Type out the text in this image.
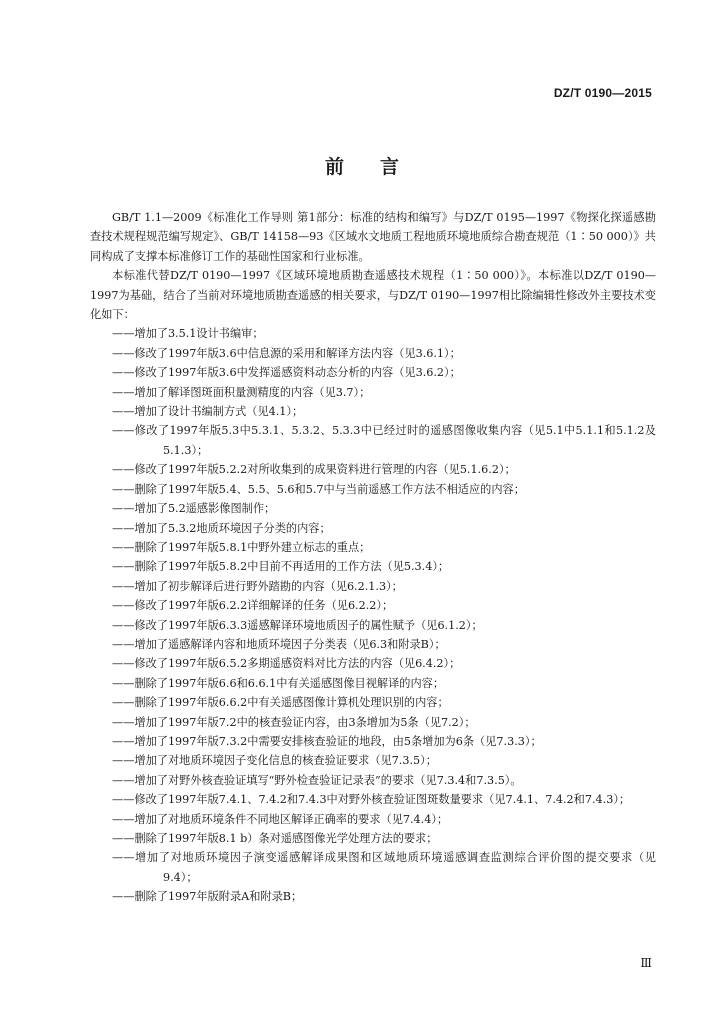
DZ/T 0190—2015
前言

GB/T 1.1—2009《标准化工作导则 第1部分：标准的结构和编写》与DZ/T 0195—1997《物探化探遥感勘查技术规程规范编写规定》、GB/T 14158—93《区域水文地质工程地质环境地质综合勘查规范（1∶50 000）》共同构成了支撑本标准修订工作的基础性国家和行业标准。

本标准代替DZ/T 0190—1997《区域环境地质勘查遥感技术规程（1∶50 000）》。本标准以DZ/T 0190—1997为基础，结合了当前对环境地质勘查遥感的相关要求，与DZ/T 0190—1997相比除编辑性修改外主要技术变化如下：

——增加了3.5.1设计书编审；
——修改了1997年版3.6中信息源的采用和解译方法内容（见3.6.1）；
——修改了1997年版3.6中发挥遥感资料动态分析的内容（见3.6.2）；
——增加了解译图斑面积量测精度的内容（见3.7）；
——增加了设计书编制方式（见4.1）；
——修改了1997年版5.3中5.3.1、5.3.2、5.3.3中已经过时的遥感图像收集内容（见5.1中5.1.1和5.1.2及5.1.3）；
——修改了1997年版5.2.2对所收集到的成果资料进行管理的内容（见5.1.6.2）；
——删除了1997年版5.4、5.5、5.6和5.7中与当前遥感工作方法不相适应的内容；
——增加了5.2遥感影像图制作；
——增加了5.3.2地质环境因子分类的内容；
——删除了1997年版5.8.1中野外建立标志的重点；
——删除了1997年版5.8.2中目前不再适用的工作方法（见5.3.4）；
——增加了初步解译后进行野外踏勘的内容（见6.2.1.3）；
——修改了1997年版6.2.2详细解译的任务（见6.2.2）；
——修改了1997年版6.3.3遥感解译环境地质因子的属性赋予（见6.1.2）；
——增加了遥感解译内容和地质环境因子分类表（见6.3和附录B）；
——修改了1997年版6.5.2多期遥感资料对比方法的内容（见6.4.2）；
——删除了1997年版6.6和6.6.1中有关遥感图像目视解译的内容；
——删除了1997年版6.6.2中有关遥感图像计算机处理识别的内容；
——增加了1997年版7.2中的核查验证内容，由3条增加为5条（见7.2）；
——增加了1997年版7.3.2中需要安排核查验证的地段，由5条增加为6条（见7.3.3）；
——增加了对地质环境因子变化信息的核查验证要求（见7.3.5）；
——增加了对野外核查验证填写“野外检查验证记录表”的要求（见7.3.4和7.3.5）。
——修改了1997年版7.4.1、7.4.2和7.4.3中对野外核查验证图斑数量要求（见7.4.1、7.4.2和7.4.3）；
——增加了对地质环境条件不同地区解译正确率的要求（见7.4.4）；
——删除了1997年版8.1 b）条对遥感图像光学处理方法的要求；
——增加了对地质环境因子演变遥感解译成果图和区域地质环境遥感调查监测综合评价图的提交要求（见9.4）；
——删除了1997年版附录A和附录B；
Ⅲ
